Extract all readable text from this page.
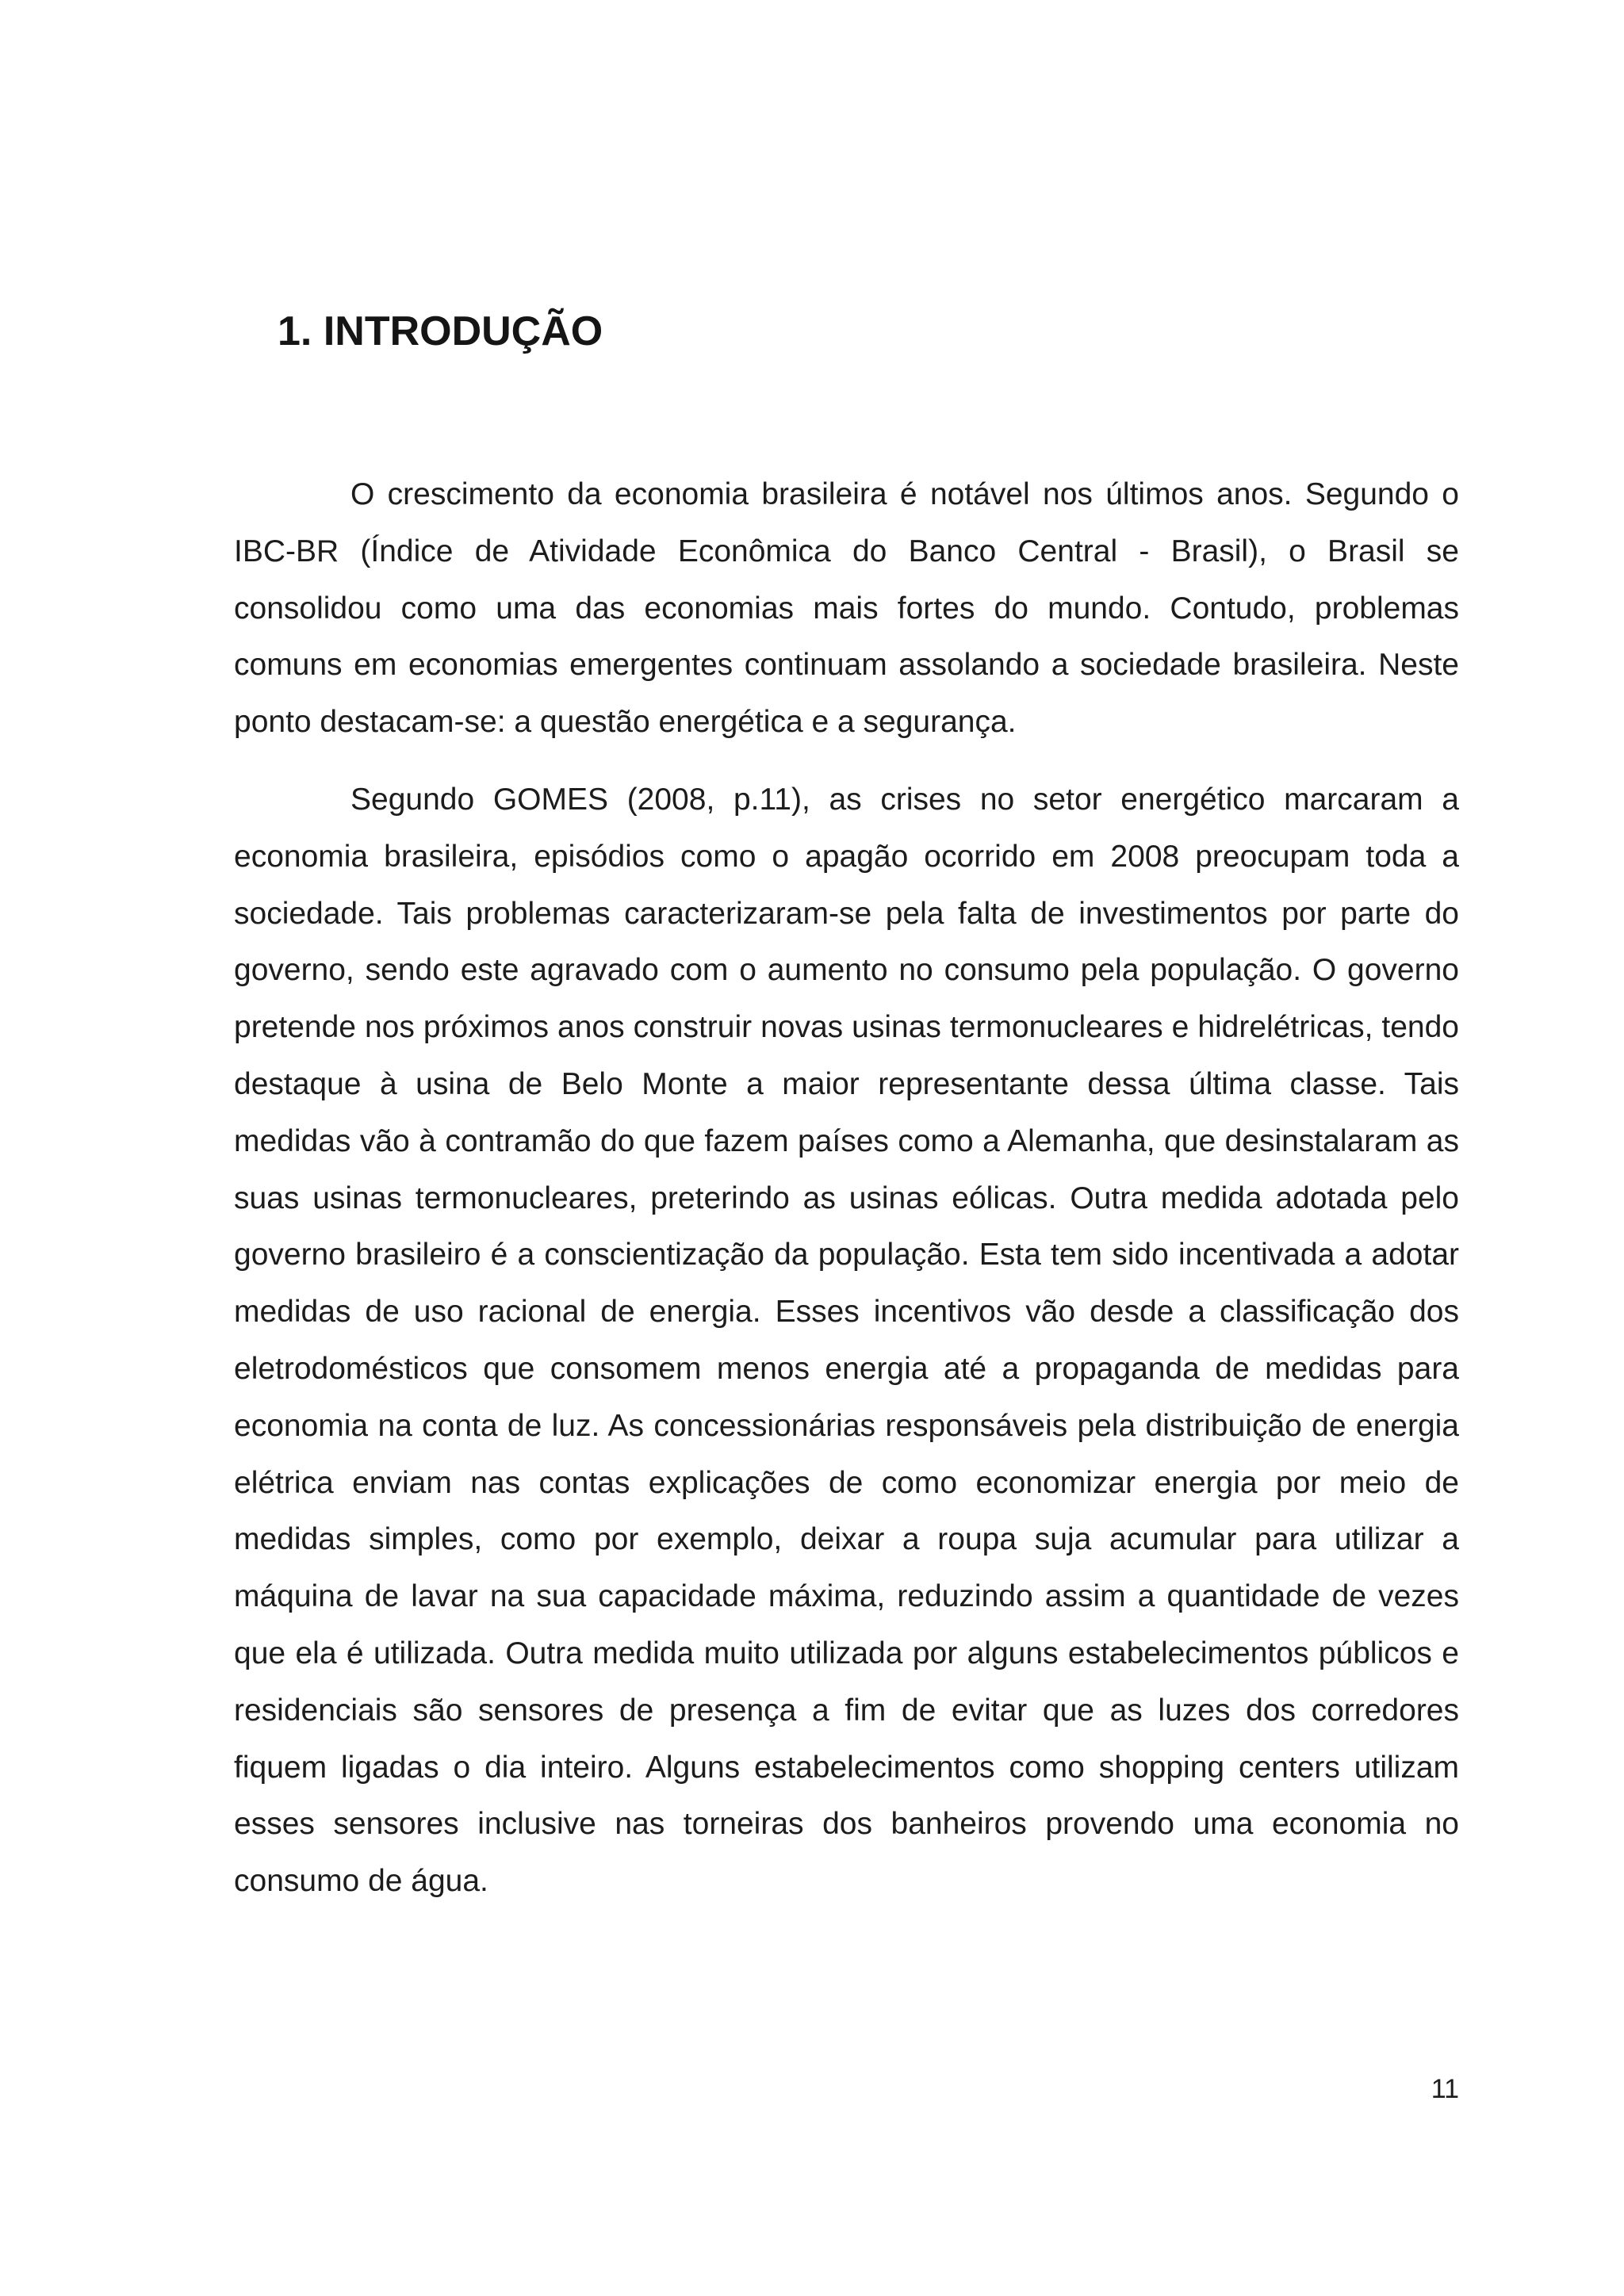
1. INTRODUÇÃO

O crescimento da economia brasileira é notável nos últimos anos. Segundo o IBC-BR (Índice de Atividade Econômica do Banco Central - Brasil), o Brasil se consolidou como uma das economias mais fortes do mundo. Contudo, problemas comuns em economias emergentes continuam assolando a sociedade brasileira. Neste ponto destacam-se: a questão energética e a segurança.

Segundo GOMES (2008, p.11), as crises no setor energético marcaram a economia brasileira, episódios como o apagão ocorrido em 2008 preocupam toda a sociedade. Tais problemas caracterizaram-se pela falta de investimentos por parte do governo, sendo este agravado com o aumento no consumo pela população. O governo pretende nos próximos anos construir novas usinas termonucleares e hidrelétricas, tendo destaque à usina de Belo Monte a maior representante dessa última classe. Tais medidas vão à contramão do que fazem países como a Alemanha, que desinstalaram as suas usinas termonucleares, preterindo as usinas eólicas. Outra medida adotada pelo governo brasileiro é a conscientização da população. Esta tem sido incentivada a adotar medidas de uso racional de energia. Esses incentivos vão desde a classificação dos eletrodomésticos que consomem menos energia até a propaganda de medidas para economia na conta de luz. As concessionárias responsáveis pela distribuição de energia elétrica enviam nas contas explicações de como economizar energia por meio de medidas simples, como por exemplo, deixar a roupa suja acumular para utilizar a máquina de lavar na sua capacidade máxima, reduzindo assim a quantidade de vezes que ela é utilizada. Outra medida muito utilizada por alguns estabelecimentos públicos e residenciais são sensores de presença a fim de evitar que as luzes dos corredores fiquem ligadas o dia inteiro. Alguns estabelecimentos como shopping centers utilizam esses sensores inclusive nas torneiras dos banheiros provendo uma economia no consumo de água.

11
